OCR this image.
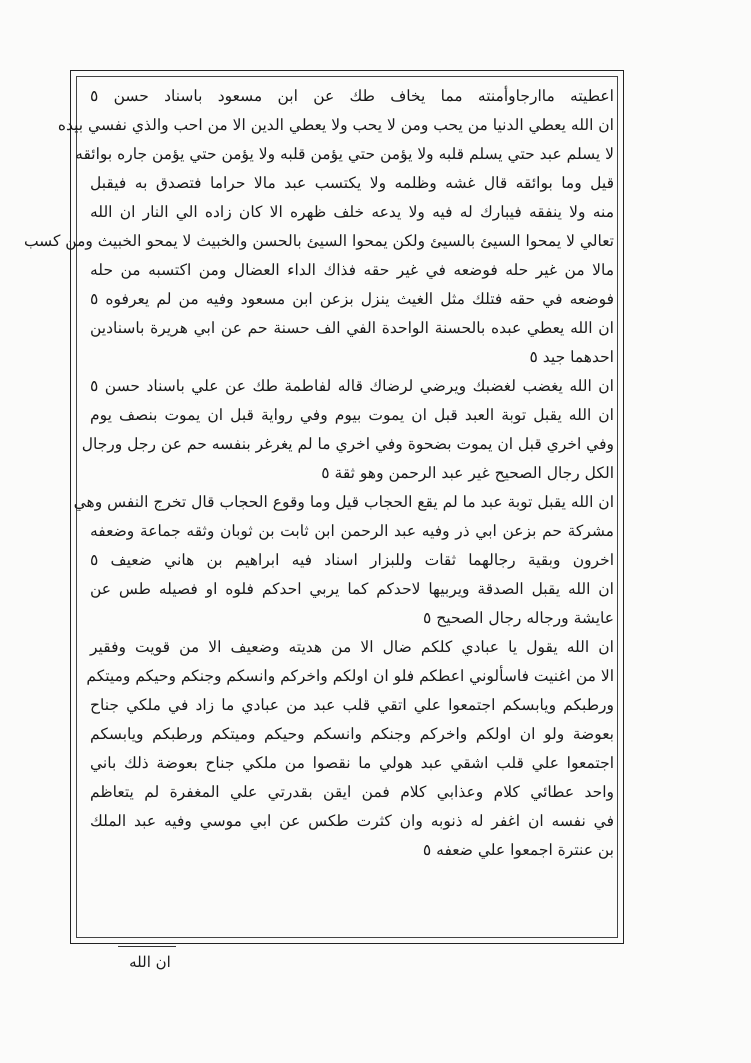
اعطيته ماارجاوأمنته مما يخاف طك عن ابن مسعود باسناد حسن ٥
ان الله يعطي الدنيا من يحب ومن لا يحب ولا يعطي الدين الا من احب والذي نفسي بيده
لا يسلم عبد حتي يسلم قلبه ولا يؤمن حتي يؤمن قلبه ولا يؤمن حتي يؤمن جاره بوائقه
قيل وما بوائقه قال غشه وظلمه ولا يكتسب عبد مالا حراما فتصدق به فيقبل
منه ولا ينفقه فيبارك له فيه ولا يدعه خلف ظهره الا كان زاده الي النار ان الله
تعالي لا يمحوا السيئ بالسيئ ولكن يمحوا السيئ بالحسن والخبيث لا يمحو الخبيث ومن كسب
مالا من غير حله فوضعه في غير حقه فذاك الداء العضال ومن اكتسبه من حله
فوضعه في حقه فتلك مثل الغيث ينزل بزعن ابن مسعود وفيه من لم يعرفوه ٥
ان الله يعطي عبده بالحسنة الواحدة الفي الف حسنة حم عن ابي هريرة باسنادين
احدهما جيد ٥
ان الله يغضب لغضبك ويرضي لرضاك قاله لفاطمة طك عن علي باسناد حسن ٥
ان الله يقبل توبة العبد قبل ان يموت بيوم وفي رواية قبل ان يموت بنصف يوم
وفي اخري قبل ان يموت بضحوة وفي اخري ما لم يغرغر بنفسه حم عن رجل ورجال
الكل رجال الصحيح غير عبد الرحمن وهو ثقة ٥
ان الله يقبل توبة عبد ما لم يقع الحجاب قيل وما وقوع الحجاب قال تخرج النفس وهي
مشركة حم بزعن ابي ذر وفيه عبد الرحمن ابن ثابت بن ثوبان وثقه جماعة وضعفه
اخرون وبقية رجالهما ثقات وللبزار اسناد فيه ابراهيم بن هاني ضعيف ٥
ان الله يقبل الصدقة ويربيها لاحدكم كما يربي احدكم فلوه او فصيله طس عن
عايشة ورجاله رجال الصحيح ٥
ان الله يقول يا عبادي كلكم ضال الا من هديته وضعيف الا من قويت وفقير
الا من اغنيت فاسألوني اعطكم فلو ان اولكم واخركم وانسكم وجنكم وحيكم وميتكم
ورطبكم ويابسكم اجتمعوا علي اتقي قلب عبد من عبادي ما زاد في ملكي جناح
بعوضة ولو ان اولكم واخركم وجنكم وانسكم وحيكم وميتكم ورطبكم ويابسكم
اجتمعوا علي قلب اشقي عبد هولي ما نقصوا من ملكي جناح بعوضة ذلك باني
واحد عطائي كلام وعذابي كلام فمن ايقن بقدرتي علي المغفرة لم يتعاظم
في نفسه ان اغفر له ذنوبه وان كثرت طكس عن ابي موسي وفيه عبد الملك
بن عنترة اجمعوا علي ضعفه ٥
ان الله
